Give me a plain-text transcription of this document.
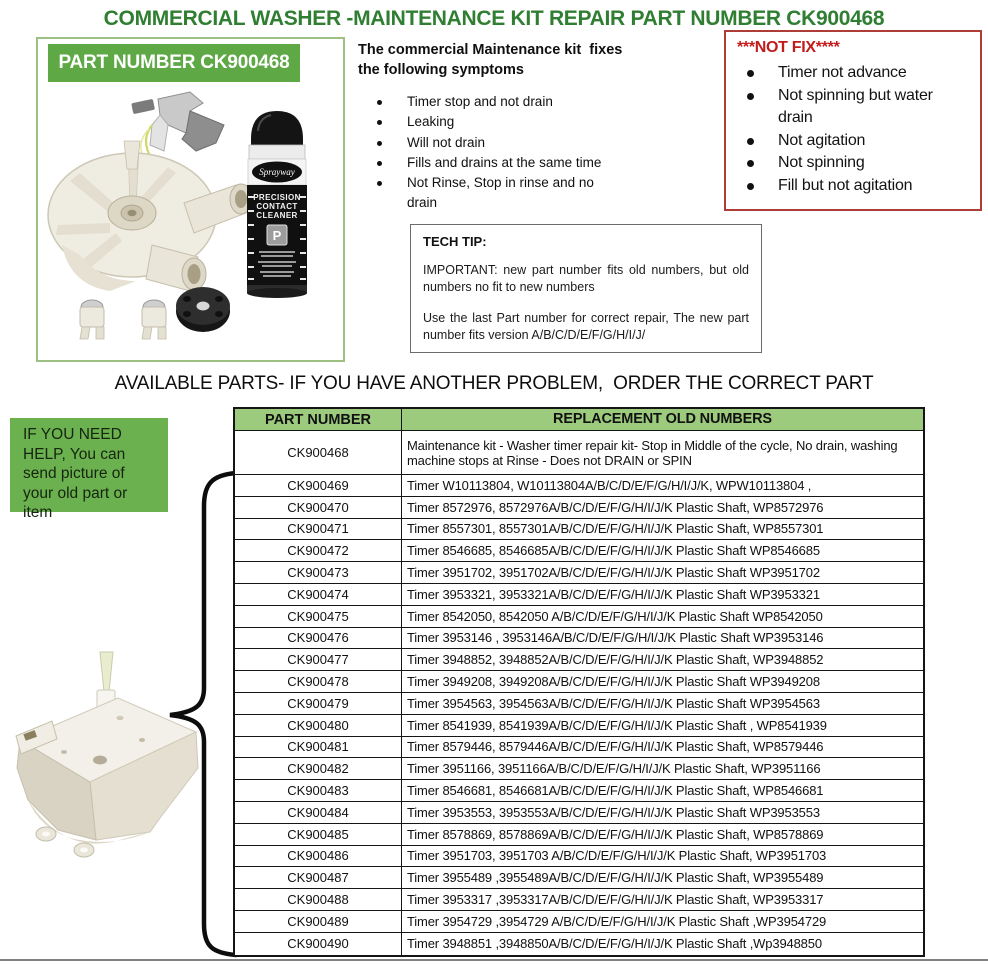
COMMERCIAL WASHER -MAINTENANCE KIT REPAIR PART NUMBER CK900468
PART NUMBER CK900468
Sprayway
PRECISION
CONTACT
CLEANER
P
The commercial Maintenance kit  fixes
the following symptoms
Timer stop and not drain
Leaking
Will not drain
Fills and drains at the same time
Not Rinse, Stop in rinse and no drain
***NOT FIX****
Timer not advance
Not spinning but water drain
Not agitation
Not spinning
Fill but not agitation
TECH TIP:

IMPORTANT: new part number fits old numbers, but old numbers no fit to new numbers

Use the last Part number for correct repair, The new part number fits version A/B/C/D/E/F/G/H/I/J/

AVAILABLE PARTS- IF YOU HAVE ANOTHER PROBLEM,  ORDER THE CORRECT PART
IF YOU NEED HELP, You can send picture of your old part or item
PART NUMBER	REPLACEMENT OLD NUMBERS
CK900468	Maintenance kit - Washer timer repair kit- Stop in Middle of the cycle, No drain, washing machine stops at Rinse - Does not DRAIN or SPIN
CK900469	Timer W10113804, W10113804A/B/C/D/E/F/G/H/I/J/K, WPW10113804 ,
CK900470	Timer 8572976, 8572976A/B/C/D/E/F/G/H/I/J/K Plastic Shaft, WP8572976
CK900471	Timer 8557301, 8557301A/B/C/D/E/F/G/H/I/J/K Plastic Shaft, WP8557301
CK900472	Timer 8546685, 8546685A/B/C/D/E/F/G/H/I/J/K Plastic Shaft WP8546685
CK900473	Timer 3951702, 3951702A/B/C/D/E/F/G/H/I/J/K Plastic Shaft WP3951702
CK900474	Timer 3953321, 3953321A/B/C/D/E/F/G/H/I/J/K Plastic Shaft WP3953321
CK900475	Timer 8542050, 8542050 A/B/C/D/E/F/G/H/I/J/K Plastic Shaft WP8542050
CK900476	Timer 3953146 , 3953146A/B/C/D/E/F/G/H/I/J/K Plastic Shaft WP3953146
CK900477	Timer 3948852, 3948852A/B/C/D/E/F/G/H/I/J/K Plastic Shaft, WP3948852
CK900478	Timer 3949208, 3949208A/B/C/D/E/F/G/H/I/J/K Plastic Shaft WP3949208
CK900479	Timer 3954563, 3954563A/B/C/D/E/F/G/H/I/J/K Plastic Shaft WP3954563
CK900480	Timer 8541939, 8541939A/B/C/D/E/F/G/H/I/J/K Plastic Shaft , WP8541939
CK900481	Timer 8579446, 8579446A/B/C/D/E/F/G/H/I/J/K Plastic Shaft, WP8579446
CK900482	Timer 3951166, 3951166A/B/C/D/E/F/G/H/I/J/K Plastic Shaft, WP3951166
CK900483	Timer 8546681, 8546681A/B/C/D/E/F/G/H/I/J/K Plastic Shaft, WP8546681
CK900484	Timer 3953553, 3953553A/B/C/D/E/F/G/H/I/J/K Plastic Shaft WP3953553
CK900485	Timer 8578869, 8578869A/B/C/D/E/F/G/H/I/J/K Plastic Shaft, WP8578869
CK900486	Timer 3951703, 3951703 A/B/C/D/E/F/G/H/I/J/K Plastic Shaft, WP3951703
CK900487	Timer 3955489 ,3955489A/B/C/D/E/F/G/H/I/J/K Plastic Shaft, WP3955489
CK900488	Timer 3953317 ,3953317A/B/C/D/E/F/G/H/I/J/K Plastic Shaft, WP3953317
CK900489	Timer 3954729 ,3954729 A/B/C/D/E/F/G/H/I/J/K Plastic Shaft ,WP3954729
CK900490	Timer 3948851 ,3948850A/B/C/D/E/F/G/H/I/J/K Plastic Shaft ,Wp3948850
